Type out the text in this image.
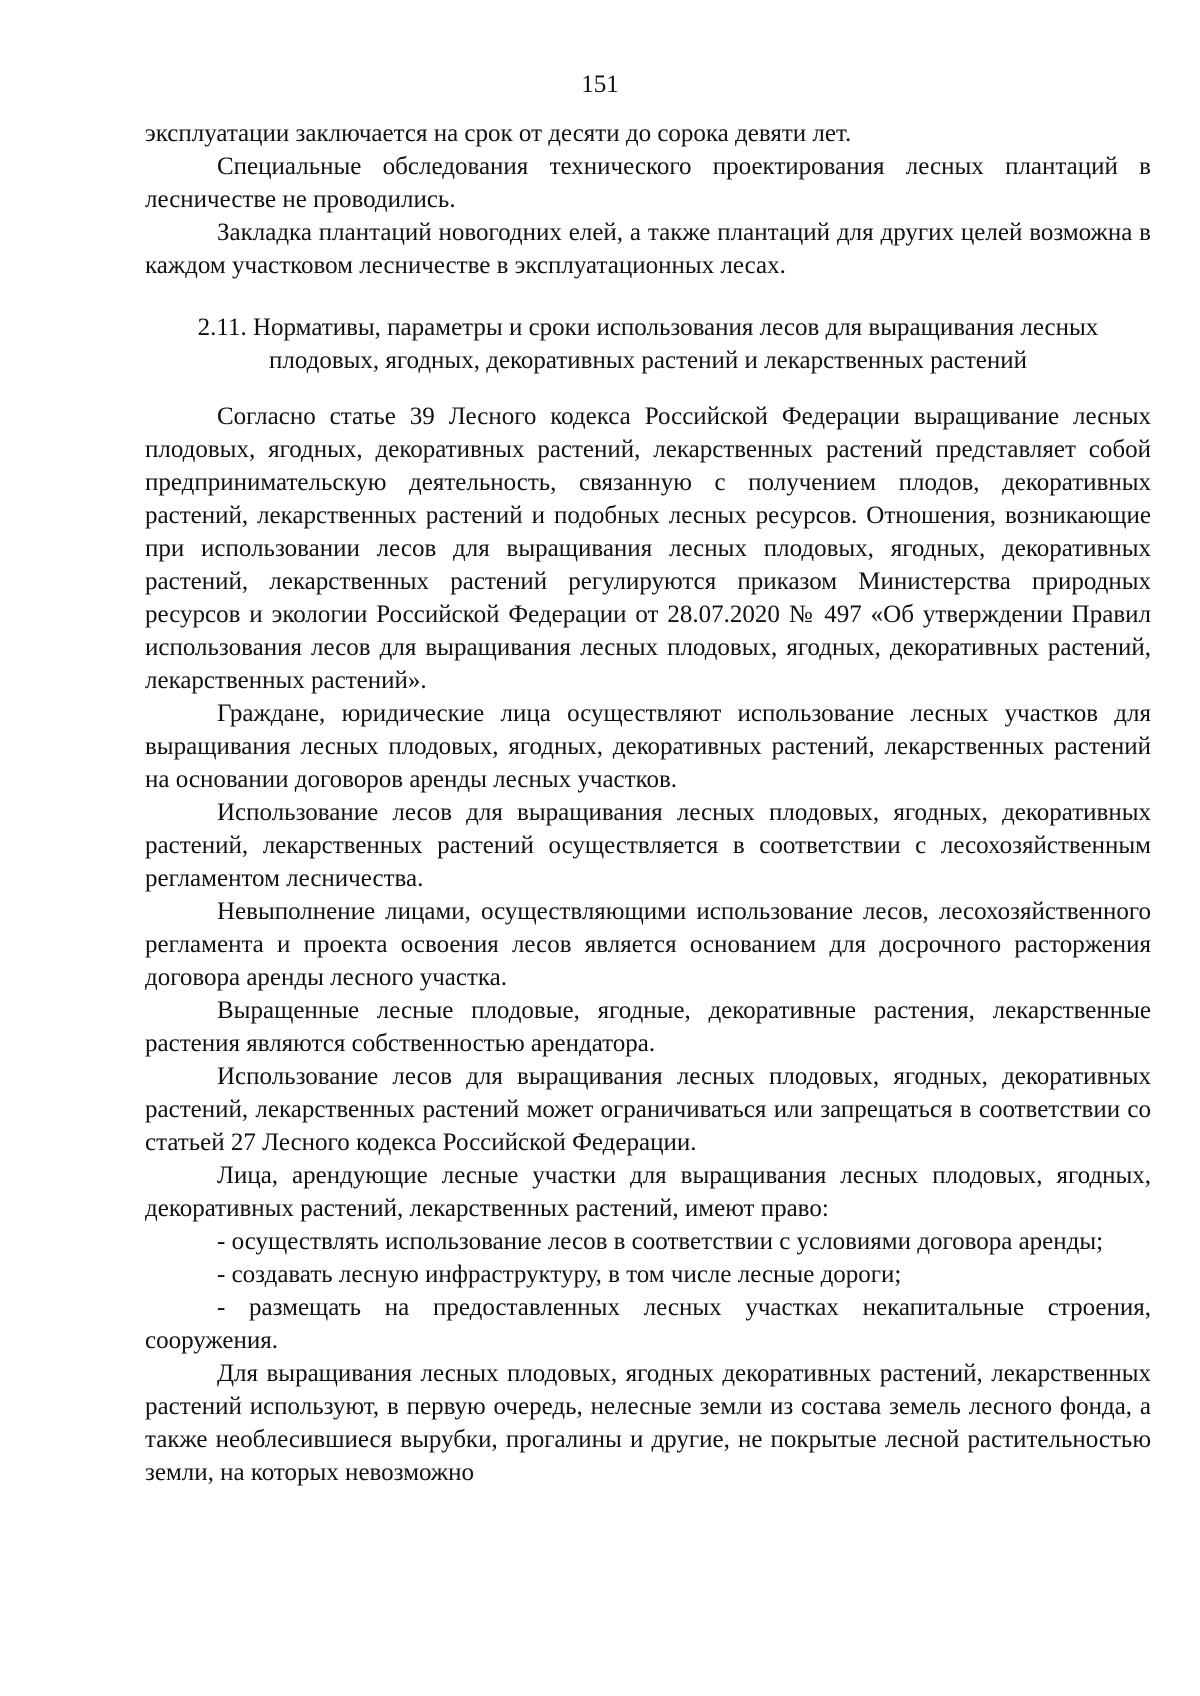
151

эксплуатации заключается на срок от десяти до сорока девяти лет.

Специальные обследования технического проектирования лесных плантаций в лесничестве не проводились.

Закладка плантаций новогодних елей, а также плантаций для других целей возможна в каждом участковом лесничестве в эксплуатационных лесах.

2.11. Нормативы, параметры и сроки использования лесов для выращивания лесных плодовых, ягодных, декоративных растений и лекарственных растений

Согласно статье 39 Лесного кодекса Российской Федерации выращивание лесных плодовых, ягодных, декоративных растений, лекарственных растений представляет собой предпринимательскую деятельность, связанную с получением плодов, декоративных растений, лекарственных растений и подобных лесных ресурсов. Отношения, возникающие при использовании лесов для выращивания лесных плодовых, ягодных, декоративных растений, лекарственных растений регулируются приказом Министерства природных ресурсов и экологии Российской Федерации от 28.07.2020 № 497 «Об утверждении Правил использования лесов для выращивания лесных плодовых, ягодных, декоративных растений, лекарственных растений».

Граждане, юридические лица осуществляют использование лесных участков для выращивания лесных плодовых, ягодных, декоративных растений, лекарственных растений на основании договоров аренды лесных участков.

Использование лесов для выращивания лесных плодовых, ягодных, декоративных растений, лекарственных растений осуществляется в соответствии с лесохозяйственным регламентом лесничества.

Невыполнение лицами, осуществляющими использование лесов, лесохозяйственного регламента и проекта освоения лесов является основанием для досрочного расторжения договора аренды лесного участка.

Выращенные лесные плодовые, ягодные, декоративные растения, лекарственные растения являются собственностью арендатора.

Использование лесов для выращивания лесных плодовых, ягодных, декоративных растений, лекарственных растений может ограничиваться или запрещаться в соответствии со статьей 27 Лесного кодекса Российской Федерации.

Лица, арендующие лесные участки для выращивания лесных плодовых, ягодных, декоративных растений, лекарственных растений, имеют право:

- осуществлять использование лесов в соответствии с условиями договора аренды;

- создавать лесную инфраструктуру, в том числе лесные дороги;

- размещать на предоставленных лесных участках некапитальные строения, сооружения.

Для выращивания лесных плодовых, ягодных декоративных растений, лекарственных растений используют, в первую очередь, нелесные земли из состава земель лесного фонда, а также необлесившиеся вырубки, прогалины и другие, не покрытые лесной растительностью земли, на которых невозможно
